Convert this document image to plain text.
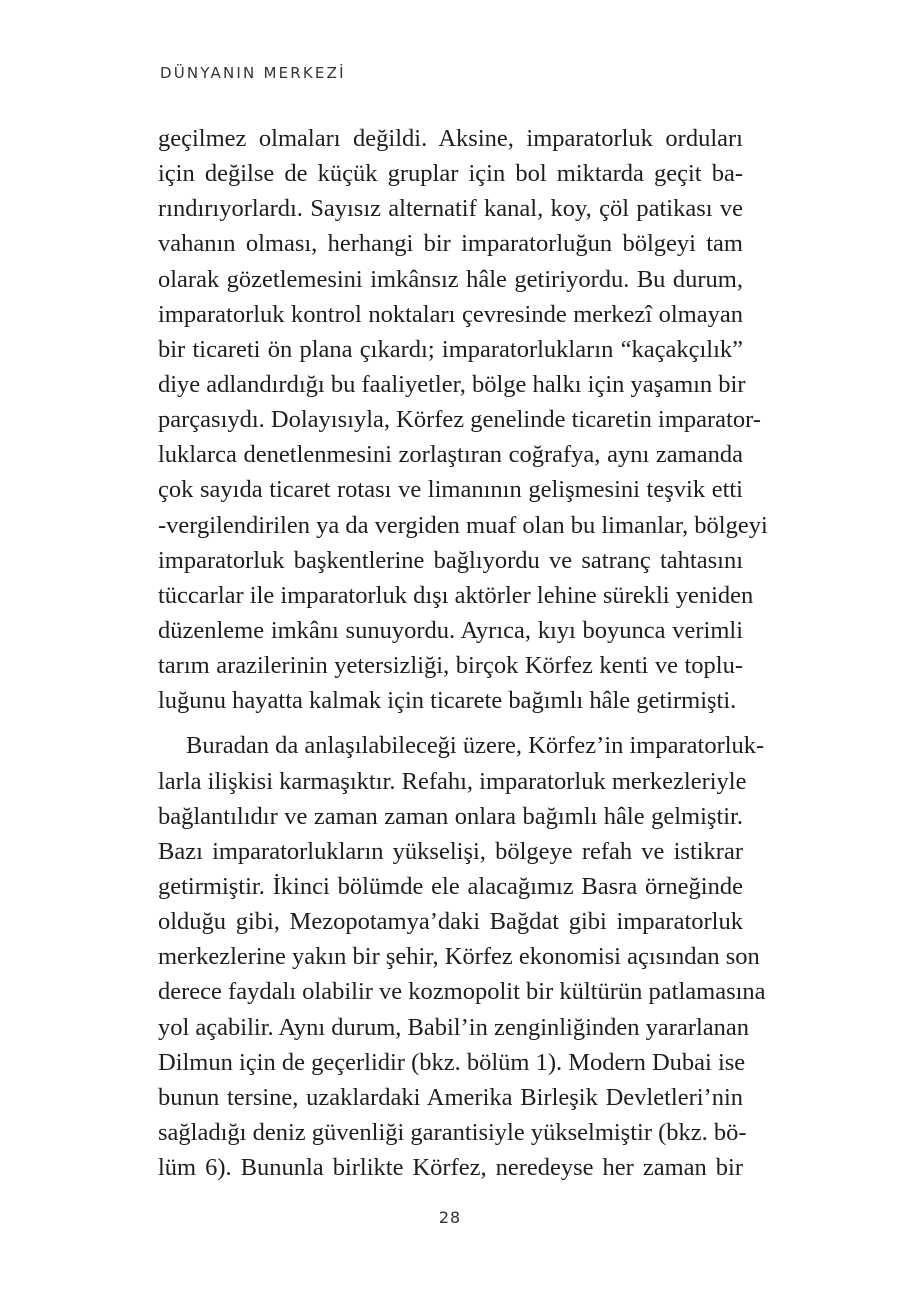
DÜNYANIN MERKEZİ
geçilmez olmaları değildi. Aksine, imparatorluk orduları
için değilse de küçük gruplar için bol miktarda geçit ba-
rındırıyorlardı. Sayısız alternatif kanal, koy, çöl patikası ve
vahanın olması, herhangi bir imparatorluğun bölgeyi tam
olarak gözetlemesini imkânsız hâle getiriyordu. Bu durum,
imparatorluk kontrol noktaları çevresinde merkezî olmayan
bir ticareti ön plana çıkardı; imparatorlukların “kaçakçılık”
diye adlandırdığı bu faaliyetler, bölge halkı için yaşamın bir
parçasıydı. Dolayısıyla, Körfez genelinde ticaretin imparator-
luklarca denetlenmesini zorlaştıran coğrafya, aynı zamanda
çok sayıda ticaret rotası ve limanının gelişmesini teşvik etti
-vergilendirilen ya da vergiden muaf olan bu limanlar, bölgeyi
imparatorluk başkentlerine bağlıyordu ve satranç tahtasını
tüccarlar ile imparatorluk dışı aktörler lehine sürekli yeniden
düzenleme imkânı sunuyordu. Ayrıca, kıyı boyunca verimli
tarım arazilerinin yetersizliği, birçok Körfez kenti ve toplu-
luğunu hayatta kalmak için ticarete bağımlı hâle getirmişti.
Buradan da anlaşılabileceği üzere, Körfez’in imparatorluk-
larla ilişkisi karmaşıktır. Refahı, imparatorluk merkezleriyle
bağlantılıdır ve zaman zaman onlara bağımlı hâle gelmiştir.
Bazı imparatorlukların yükselişi, bölgeye refah ve istikrar
getirmiştir. İkinci bölümde ele alacağımız Basra örneğinde
olduğu gibi, Mezopotamya’daki Bağdat gibi imparatorluk
merkezlerine yakın bir şehir, Körfez ekonomisi açısından son
derece faydalı olabilir ve kozmopolit bir kültürün patlamasına
yol açabilir. Aynı durum, Babil’in zenginliğinden yararlanan
Dilmun için de geçerlidir (bkz. bölüm 1). Modern Dubai ise
bunun tersine, uzaklardaki Amerika Birleşik Devletleri’nin
sağladığı deniz güvenliği garantisiyle yükselmiştir (bkz. bö-
lüm 6). Bununla birlikte Körfez, neredeyse her zaman bir
28
